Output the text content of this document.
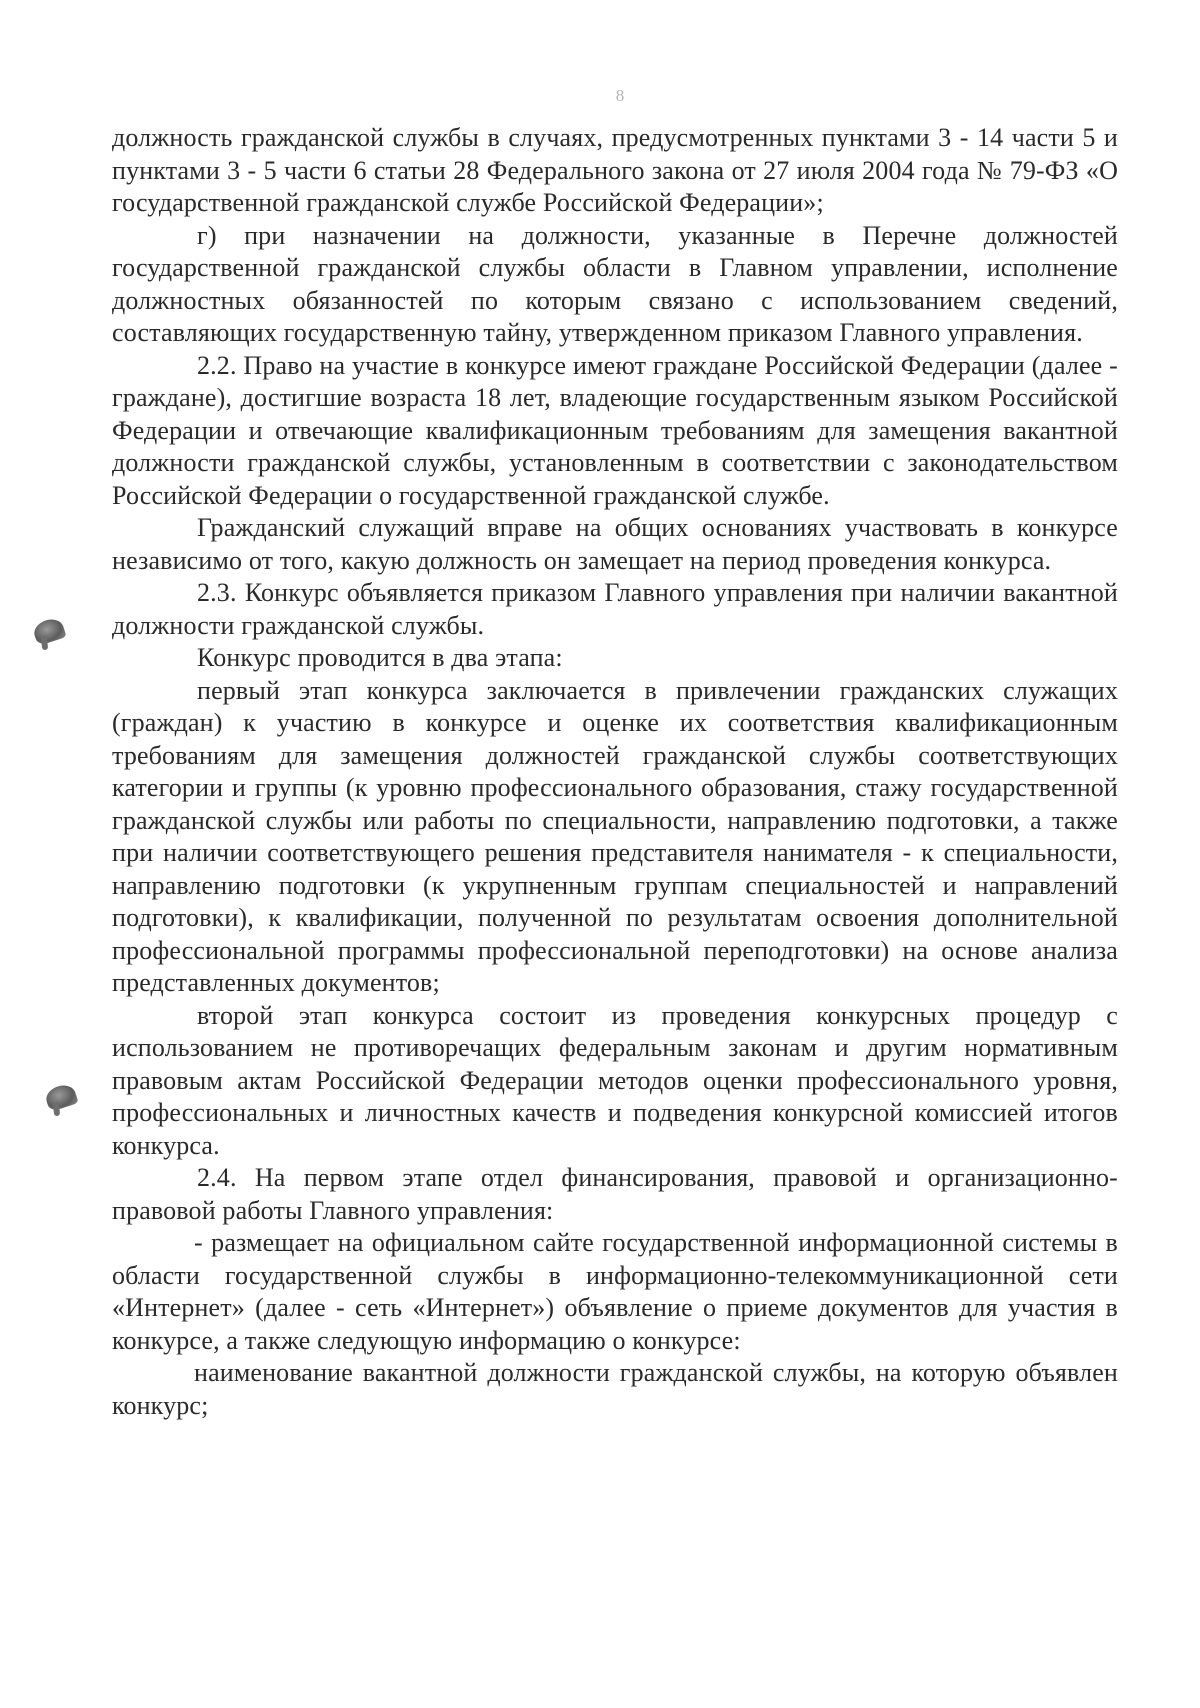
8

должность гражданской службы в случаях, предусмотренных пунктами 3 - 14 части 5 и пунктами 3 - 5 части 6 статьи 28 Федерального закона от 27 июля 2004 года № 79-ФЗ «О государственной гражданской службе Российской Федерации»;

г) при назначении на должности, указанные в Перечне должностей государственной гражданской службы области в Главном управлении, исполнение должностных обязанностей по которым связано с использованием сведений, составляющих государственную тайну, утвержденном приказом Главного управления.

2.2. Право на участие в конкурсе имеют граждане Российской Федерации (далее - граждане), достигшие возраста 18 лет, владеющие государственным языком Российской Федерации и отвечающие квалификационным требованиям для замещения вакантной должности гражданской службы, установленным в соответствии с законодательством Российской Федерации о государственной гражданской службе.

Гражданский служащий вправе на общих основаниях участвовать в конкурсе независимо от того, какую должность он замещает на период проведения конкурса.

2.3. Конкурс объявляется приказом Главного управления при наличии вакантной должности гражданской службы.

Конкурс проводится в два этапа:

первый этап конкурса заключается в привлечении гражданских служащих (граждан) к участию в конкурсе и оценке их соответствия квалификационным требованиям для замещения должностей гражданской службы соответствующих категории и группы (к уровню профессионального образования, стажу государственной гражданской службы или работы по специальности, направлению подготовки, а также при наличии соответствующего решения представителя нанимателя - к специальности, направлению подготовки (к укрупненным группам специальностей и направлений подготовки), к квалификации, полученной по результатам освоения дополнительной профессиональной программы профессиональной переподготовки) на основе анализа представленных документов;

второй этап конкурса состоит из проведения конкурсных процедур с использованием не противоречащих федеральным законам и другим нормативным правовым актам Российской Федерации методов оценки профессионального уровня, профессиональных и личностных качеств и подведения конкурсной комиссией итогов конкурса.

2.4. На первом этапе отдел финансирования, правовой и организационно-правовой работы Главного управления:

- размещает на официальном сайте государственной информационной системы в области государственной службы в информационно-телекоммуникационной сети «Интернет» (далее - сеть «Интернет») объявление о приеме документов для участия в конкурсе, а также следующую информацию о конкурсе:

наименование вакантной должности гражданской службы, на которую объявлен конкурс;
